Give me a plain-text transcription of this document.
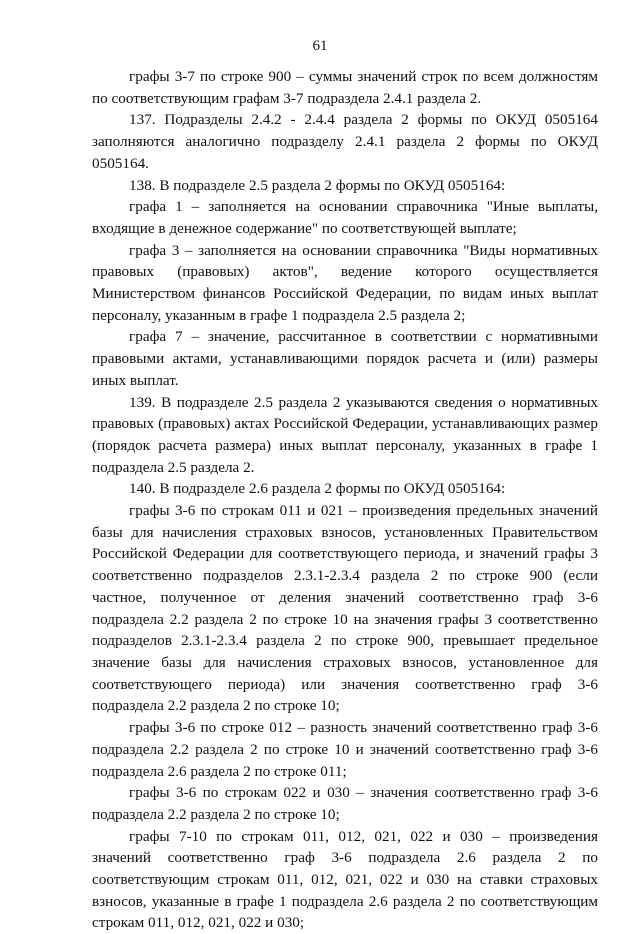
61

графы 3-7 по строке 900 – суммы значений строк по всем должностям по соответствующим графам 3-7 подраздела 2.4.1 раздела 2.

137. Подразделы 2.4.2 - 2.4.4 раздела 2 формы по ОКУД 0505164 заполняются аналогично подразделу 2.4.1 раздела 2 формы по ОКУД 0505164.

138. В подразделе 2.5 раздела 2 формы по ОКУД 0505164:

графа 1 – заполняется на основании справочника "Иные выплаты, входящие в денежное содержание" по соответствующей выплате;

графа 3 – заполняется на основании справочника "Виды нормативных правовых (правовых) актов", ведение которого осуществляется Министерством финансов Российской Федерации, по видам иных выплат персоналу, указанным в графе 1 подраздела 2.5 раздела 2;

графа 7 – значение, рассчитанное в соответствии с нормативными правовыми актами, устанавливающими порядок расчета и (или) размеры иных выплат.

139. В подразделе 2.5 раздела 2 указываются сведения о нормативных правовых (правовых) актах Российской Федерации, устанавливающих размер (порядок расчета размера) иных выплат персоналу, указанных в графе 1 подраздела 2.5 раздела 2.

140. В подразделе 2.6 раздела 2 формы по ОКУД 0505164:

графы 3-6 по строкам 011 и 021 – произведения предельных значений базы для начисления страховых взносов, установленных Правительством Российской Федерации для соответствующего периода, и значений графы 3 соответственно подразделов 2.3.1-2.3.4 раздела 2 по строке 900 (если частное, полученное от деления значений соответственно граф 3-6 подраздела 2.2 раздела 2 по строке 10 на значения графы 3 соответственно подразделов 2.3.1-2.3.4 раздела 2 по строке 900, превышает предельное значение базы для начисления страховых взносов, установленное для соответствующего периода) или значения соответственно граф 3-6 подраздела 2.2 раздела 2 по строке 10;

графы 3-6 по строке 012 – разность значений соответственно граф 3-6 подраздела 2.2 раздела 2 по строке 10 и значений соответственно граф 3-6 подраздела 2.6 раздела 2 по строке 011;

графы 3-6 по строкам 022 и 030 – значения соответственно граф 3-6 подраздела 2.2 раздела 2 по строке 10;

графы 7-10 по строкам 011, 012, 021, 022 и 030 – произведения значений соответственно граф 3-6 подраздела 2.6 раздела 2 по соответствующим строкам 011, 012, 021, 022 и 030 на ставки страховых взносов, указанные в графе 1 подраздела 2.6 раздела 2 по соответствующим строкам 011, 012, 021, 022 и 030;
